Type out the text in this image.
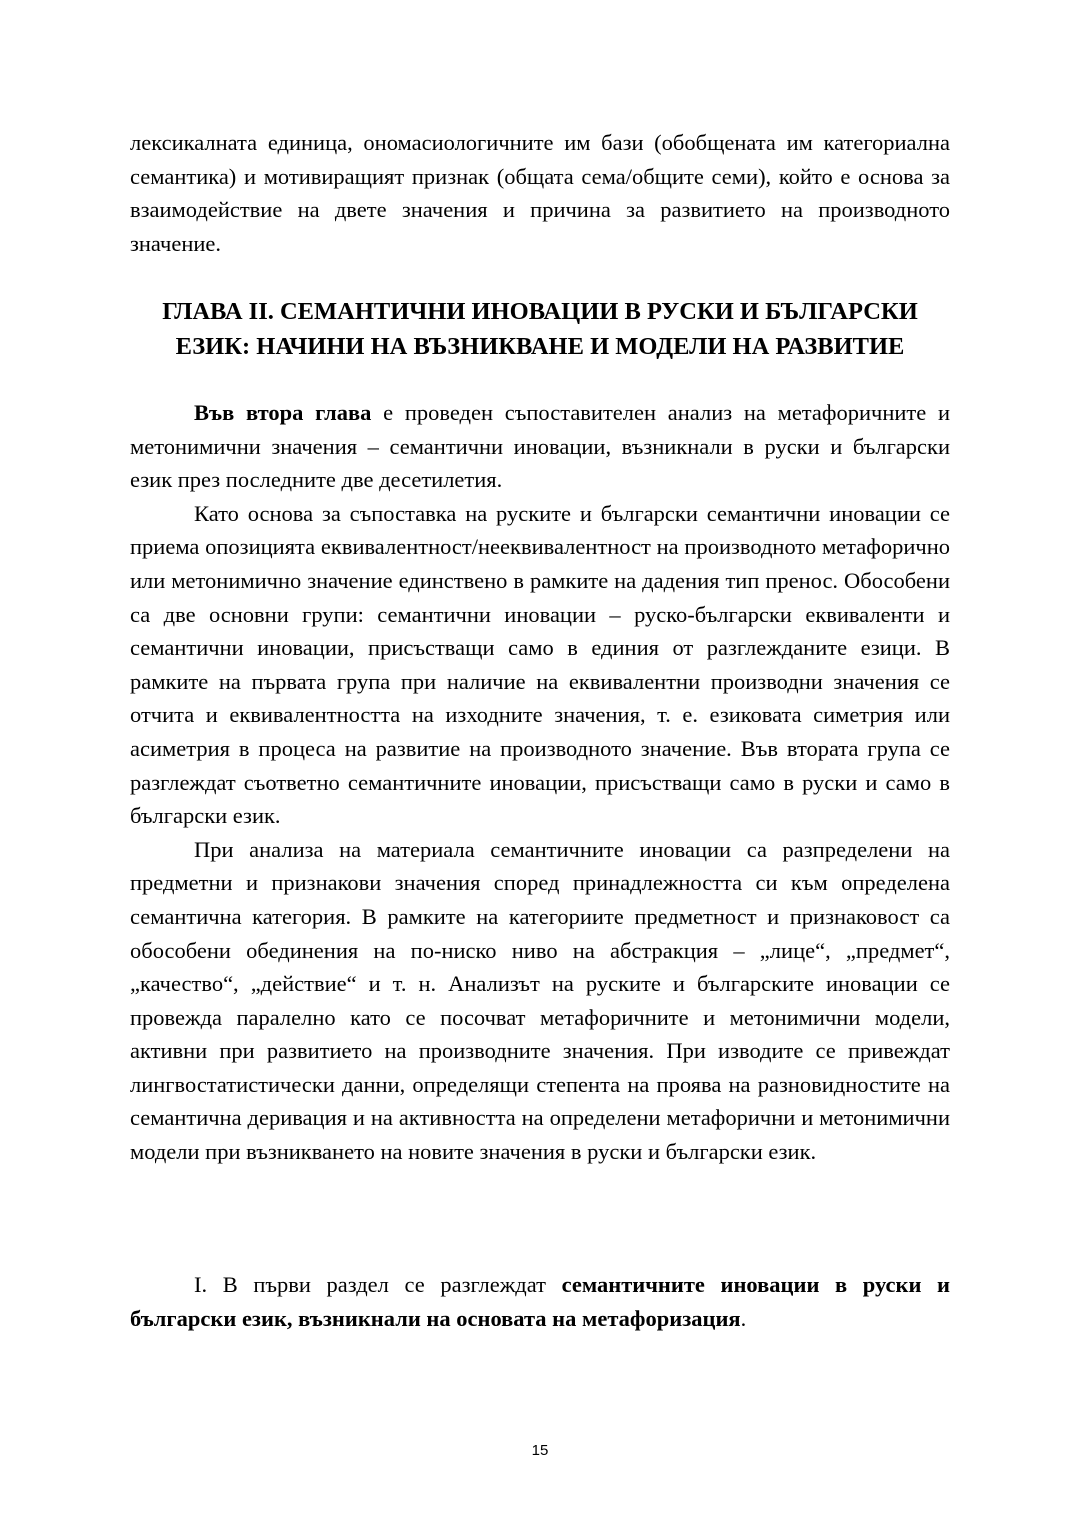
лексикалната единица, ономасиологичните им бази (обобщената им категориална семантика) и мотивиращият признак (общата сема/общите семи), който е основа за взаимодействие на двете значения и причина за развитието на производното значение.
ГЛАВА II. СЕМАНТИЧНИ ИНОВАЦИИ В РУСКИ И БЪЛГАРСКИ
ЕЗИК: НАЧИНИ НА ВЪЗНИКВАНЕ И МОДЕЛИ НА РАЗВИТИЕ

Във втора глава е проведен съпоставителен анализ на метафоричните и метонимични значения – семантични иновации, възникнали в руски и български език през последните две десетилетия.

Като основа за съпоставка на руските и български семантични иновации се приема опозицията еквивалентност/нееквивалентност на производното метафорично или метонимично значение единствено в рамките на дадения тип пренос. Обособени са две основни групи: семантични иновации – руско-български еквиваленти и семантични иновации, присъстващи само в единия от разглежданите езици. В рамките на първата група при наличие на еквивалентни производни значения се отчита и еквивалентността на изходните значения, т. е. езиковата симетрия или асиметрия в процеса на развитие на производното значение. Във втората група се разглеждат съответно семантичните иновации, присъстващи само в руски и само в български език.

При анализа на материала семантичните иновации са разпределени на предметни и признакови значения според принадлежността си към определена семантична категория. В рамките на категориите предметност и признаковост са обособени обединения на по-ниско ниво на абстракция – „лице“, „предмет“, „качество“, „действие“ и т. н. Анализът на руските и българските иновации се провежда паралелно като се посочват метафоричните и метонимични модели, активни при развитието на производните значения. При изводите се привеждат лингвостатистически данни, определящи степента на проява на разновидностите на семантична деривация и на активността на определени метафорични и метонимични модели при възникването на новите значения в руски и български език.

I. В първи раздел се разглеждат семантичните иновации в руски и български език, възникнали на основата на метафоризация.

15
